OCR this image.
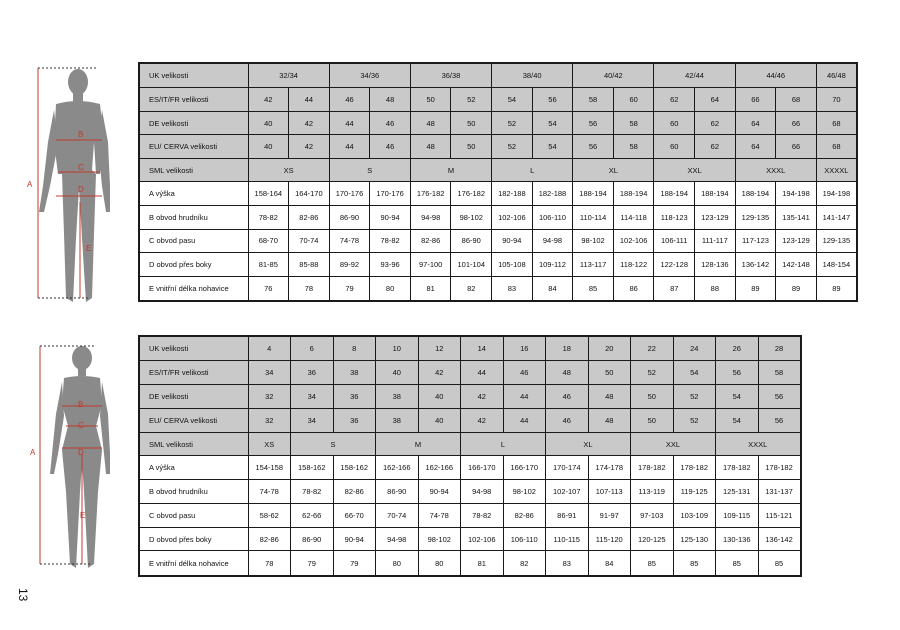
A
B
C
D
E
A
B
C
D
E
UK velikosti	32/34		34/36		36/38		38/40		40/42		42/44		44/46		46/48
ES/IT/FR velikosti	42	44	46	48	50	52	54	56	58	60	62	64	66	68	70
DE velikosti	40	42	44	46	48	50	52	54	56	58	60	62	64	66	68
EU/ CERVA velikosti	40	42	44	46	48	50	52	54	56	58	60	62	64	66	68
SML velikosti	XS		S		M		L		XL		XXL		XXXL		XXXXL
A výška	158-164	164-170	170-176	170-176	176-182	176-182	182-188	182-188	188-194	188-194	188-194	188-194	188-194	194-198	194-198
B obvod hrudníku	78-82	82-86	86-90	90-94	94-98	98-102	102-106	106-110	110-114	114-118	118-123	123-129	129-135	135-141	141-147
C obvod pasu	68-70	70-74	74-78	78-82	82-86	86-90	90-94	94-98	98-102	102-106	106-111	111-117	117-123	123-129	129-135
D obvod přes boky	81-85	85-88	89-92	93-96	97-100	101-104	105-108	109-112	113-117	118-122	122-128	128-136	136-142	142-148	148-154
E vnitřní délka nohavice	76	78	79	80	81	82	83	84	85	86	87	88	89	89	89
UK velikosti	4	6	8	10	12	14	16	18	20	22	24	26	28
ES/IT/FR velikosti	34	36	38	40	42	44	46	48	50	52	54	56	58
DE velikosti	32	34	36	38	40	42	44	46	48	50	52	54	56
EU/ CERVA velikosti	32	34	36	38	40	42	44	46	48	50	52	54	56
SML velikosti	XS	S		M		L		XL		XXL		XXXL	
A výška	154-158	158-162	158-162	162-166	162-166	166-170	166-170	170-174	174-178	178-182	178-182	178-182	178-182
B obvod hrudníku	74-78	78-82	82-86	86-90	90-94	94-98	98-102	102-107	107-113	113-119	119-125	125-131	131-137
C obvod pasu	58-62	62-66	66-70	70-74	74-78	78-82	82-86	86-91	91-97	97-103	103-109	109-115	115-121
D obvod přes boky	82-86	86-90	90-94	94-98	98-102	102-106	106-110	110-115	115-120	120-125	125-130	130-136	136-142
E vnitřní délka nohavice	78	79	79	80	80	81	82	83	84	85	85	85	85
13
